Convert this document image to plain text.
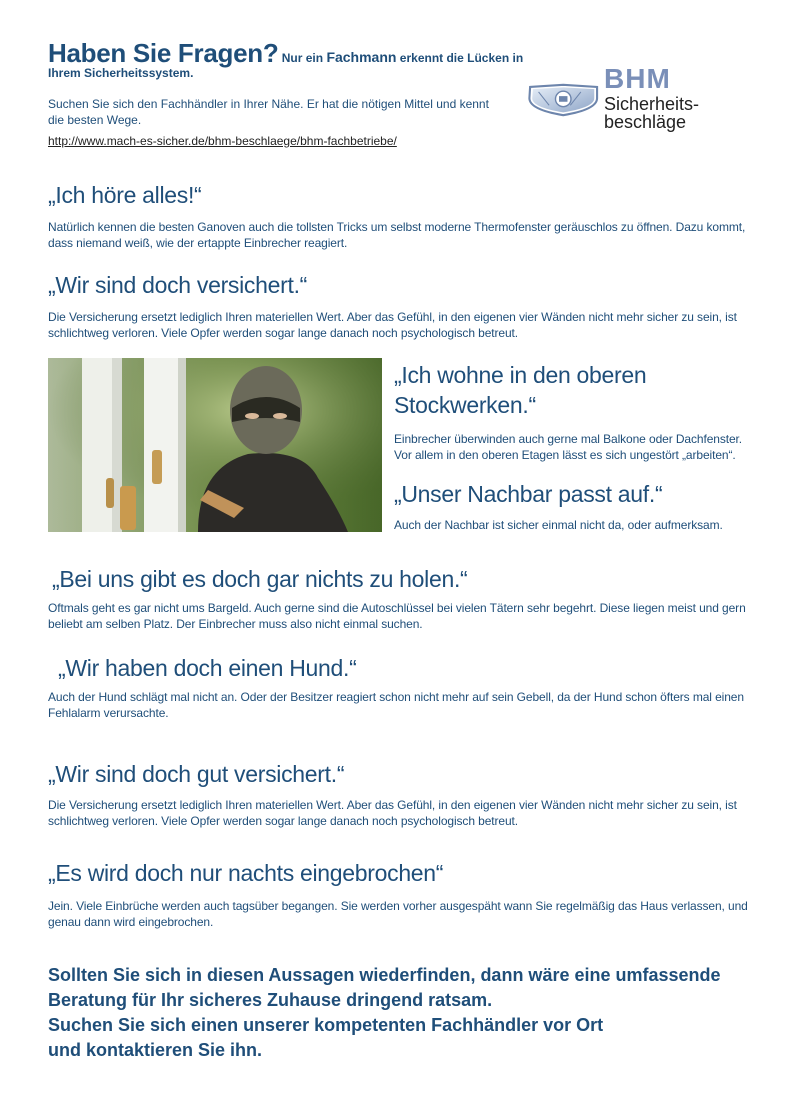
Haben Sie Fragen? Nur ein Fachmann erkennt die Lücken in Ihrem Sicherheitssystem.
Suchen Sie sich den Fachhändler in Ihrer Nähe. Er hat die nötigen Mittel und kennt die besten Wege.
http://www.mach-es-sicher.de/bhm-beschlaege/bhm-fachbetriebe/
BHM
Sicherheits-
beschläge
„Ich höre alles!“

Natürlich kennen die besten Ganoven auch die tollsten Tricks um selbst moderne Thermofenster geräuschlos zu öffnen. Dazu kommt, dass niemand weiß, wie der ertappte Einbrecher reagiert.

„Wir sind doch versichert.“

Die Versicherung ersetzt lediglich Ihren materiellen Wert. Aber das Gefühl, in den eigenen vier Wänden nicht mehr sicher zu sein, ist schlichtweg verloren. Viele Opfer werden sogar lange danach noch psychologisch betreut.

„Ich wohne in den oberen Stockwerken.“

Einbrecher überwinden auch gerne mal Balkone oder Dachfenster. Vor allem in den oberen Etagen lässt es sich ungestört „arbeiten“.

„Unser Nachbar passt auf.“

Auch der Nachbar ist sicher einmal nicht da, oder aufmerksam.

„Bei uns gibt es doch gar nichts zu holen.“

Oftmals geht es gar nicht ums Bargeld. Auch gerne sind die Autoschlüssel bei vielen Tätern sehr begehrt. Diese liegen meist und gern beliebt am selben Platz. Der Einbrecher muss also nicht einmal suchen.

„Wir haben doch einen Hund.“

Auch der Hund schlägt mal nicht an. Oder der Besitzer reagiert schon nicht mehr auf sein Gebell, da der Hund schon öfters mal einen Fehlalarm verursachte.

„Wir sind doch gut versichert.“

Die Versicherung ersetzt lediglich Ihren materiellen Wert. Aber das Gefühl, in den eigenen vier Wänden nicht mehr sicher zu sein, ist schlichtweg verloren. Viele Opfer werden sogar lange danach noch psychologisch betreut.

„Es wird doch nur nachts eingebrochen“

Jein. Viele Einbrüche werden auch tagsüber begangen. Sie werden vorher ausgespäht wann Sie regelmäßig das Haus verlassen, und genau dann wird eingebrochen.

Sollten Sie sich in diesen Aussagen wiederfinden, dann wäre eine umfassende
Beratung für Ihr sicheres Zuhause dringend ratsam.
Suchen Sie sich einen unserer kompetenten Fachhändler vor Ort
und kontaktieren Sie ihn.
